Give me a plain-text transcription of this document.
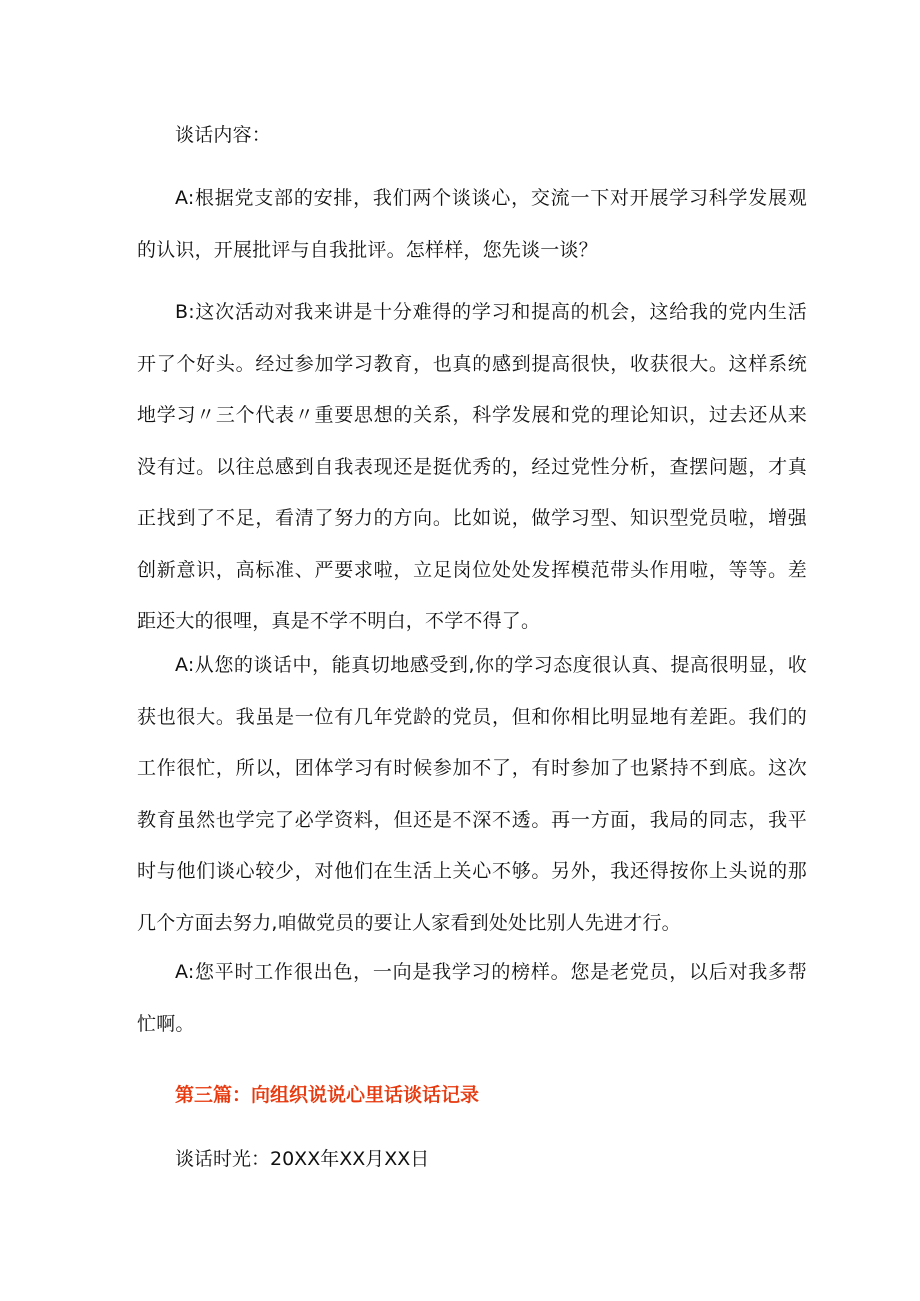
谈话内容：

A:根据党支部的安排，我们两个谈谈心，交流一下对开展学习科学发展观的认识，开展批评与自我批评。怎样样，您先谈一谈？

B:这次活动对我来讲是十分难得的学习和提高的机会，这给我的党内生活开了个好头。经过参加学习教育，也真的感到提高很快，收获很大。这样系统地学习〃三个代表〃重要思想的关系，科学发展和党的理论知识，过去还从来没有过。以往总感到自我表现还是挺优秀的，经过党性分析，查摆问题，才真正找到了不足，看清了努力的方向。比如说，做学习型、知识型党员啦，增强创新意识，高标准、严要求啦，立足岗位处处发挥模范带头作用啦，等等。差距还大的很哩，真是不学不明白，不学不得了。

A:从您的谈话中，能真切地感受到,你的学习态度很认真、提高很明显，收获也很大。我虽是一位有几年党龄的党员，但和你相比明显地有差距。我们的工作很忙，所以，团体学习有时候参加不了，有时参加了也紧持不到底。这次教育虽然也学完了必学资料，但还是不深不透。再一方面，我局的同志，我平时与他们谈心较少，对他们在生活上关心不够。另外，我还得按你上头说的那几个方面去努力,咱做党员的要让人家看到处处比别人先进才行。

A:您平时工作很出色，一向是我学习的榜样。您是老党员，以后对我多帮忙啊。

第三篇：向组织说说心里话谈话记录

谈话时光：20XX年XX月XX日
